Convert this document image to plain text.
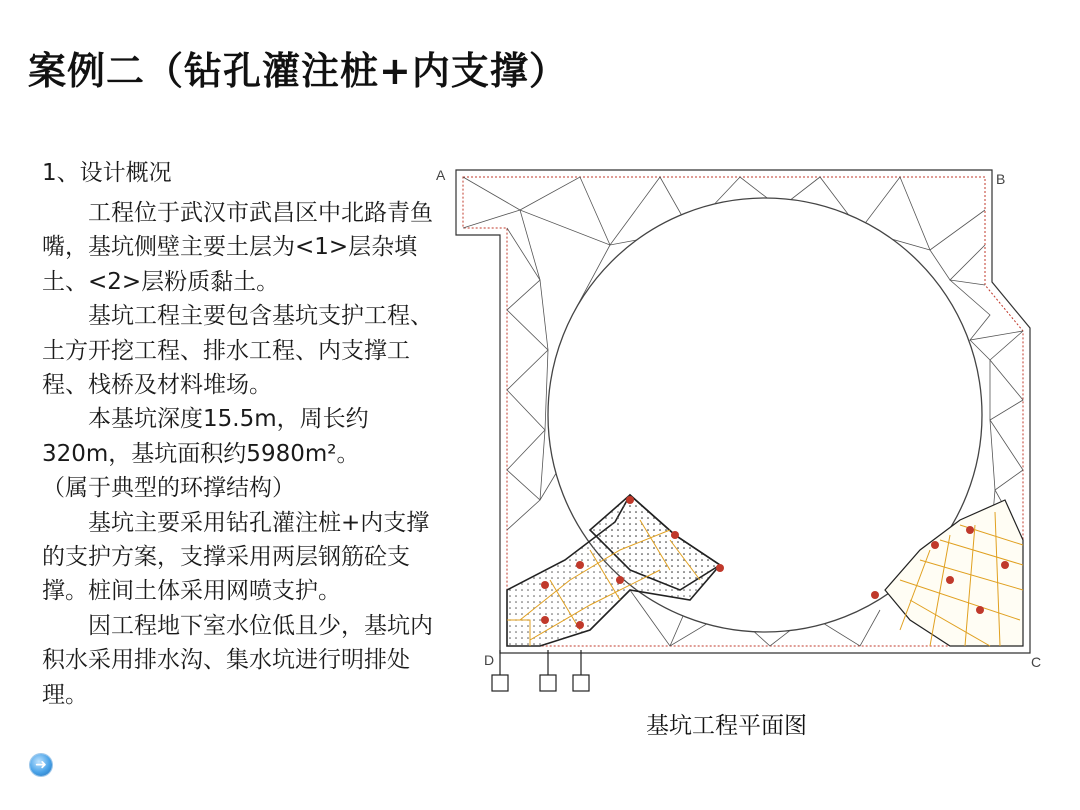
案例二（钻孔灌注桩+内支撑）
1、设计概况

工程位于武汉市武昌区中北路青鱼嘴，基坑侧壁主要土层为<1>层杂填土、<2>层粉质黏土。

基坑工程主要包含基坑支护工程、土方开挖工程、排水工程、内支撑工程、栈桥及材料堆场。

本基坑深度15.5m，周长约320m，基坑面积约5980m²。

（属于典型的环撑结构）

基坑主要采用钻孔灌注桩+内支撑的支护方案，支撑采用两层钢筋砼支撑。桩间土体采用网喷支护。

因工程地下室水位低且少，基坑内积水采用排水沟、集水坑进行明排处理。

A	B
C
D
基坑工程平面图
➜
